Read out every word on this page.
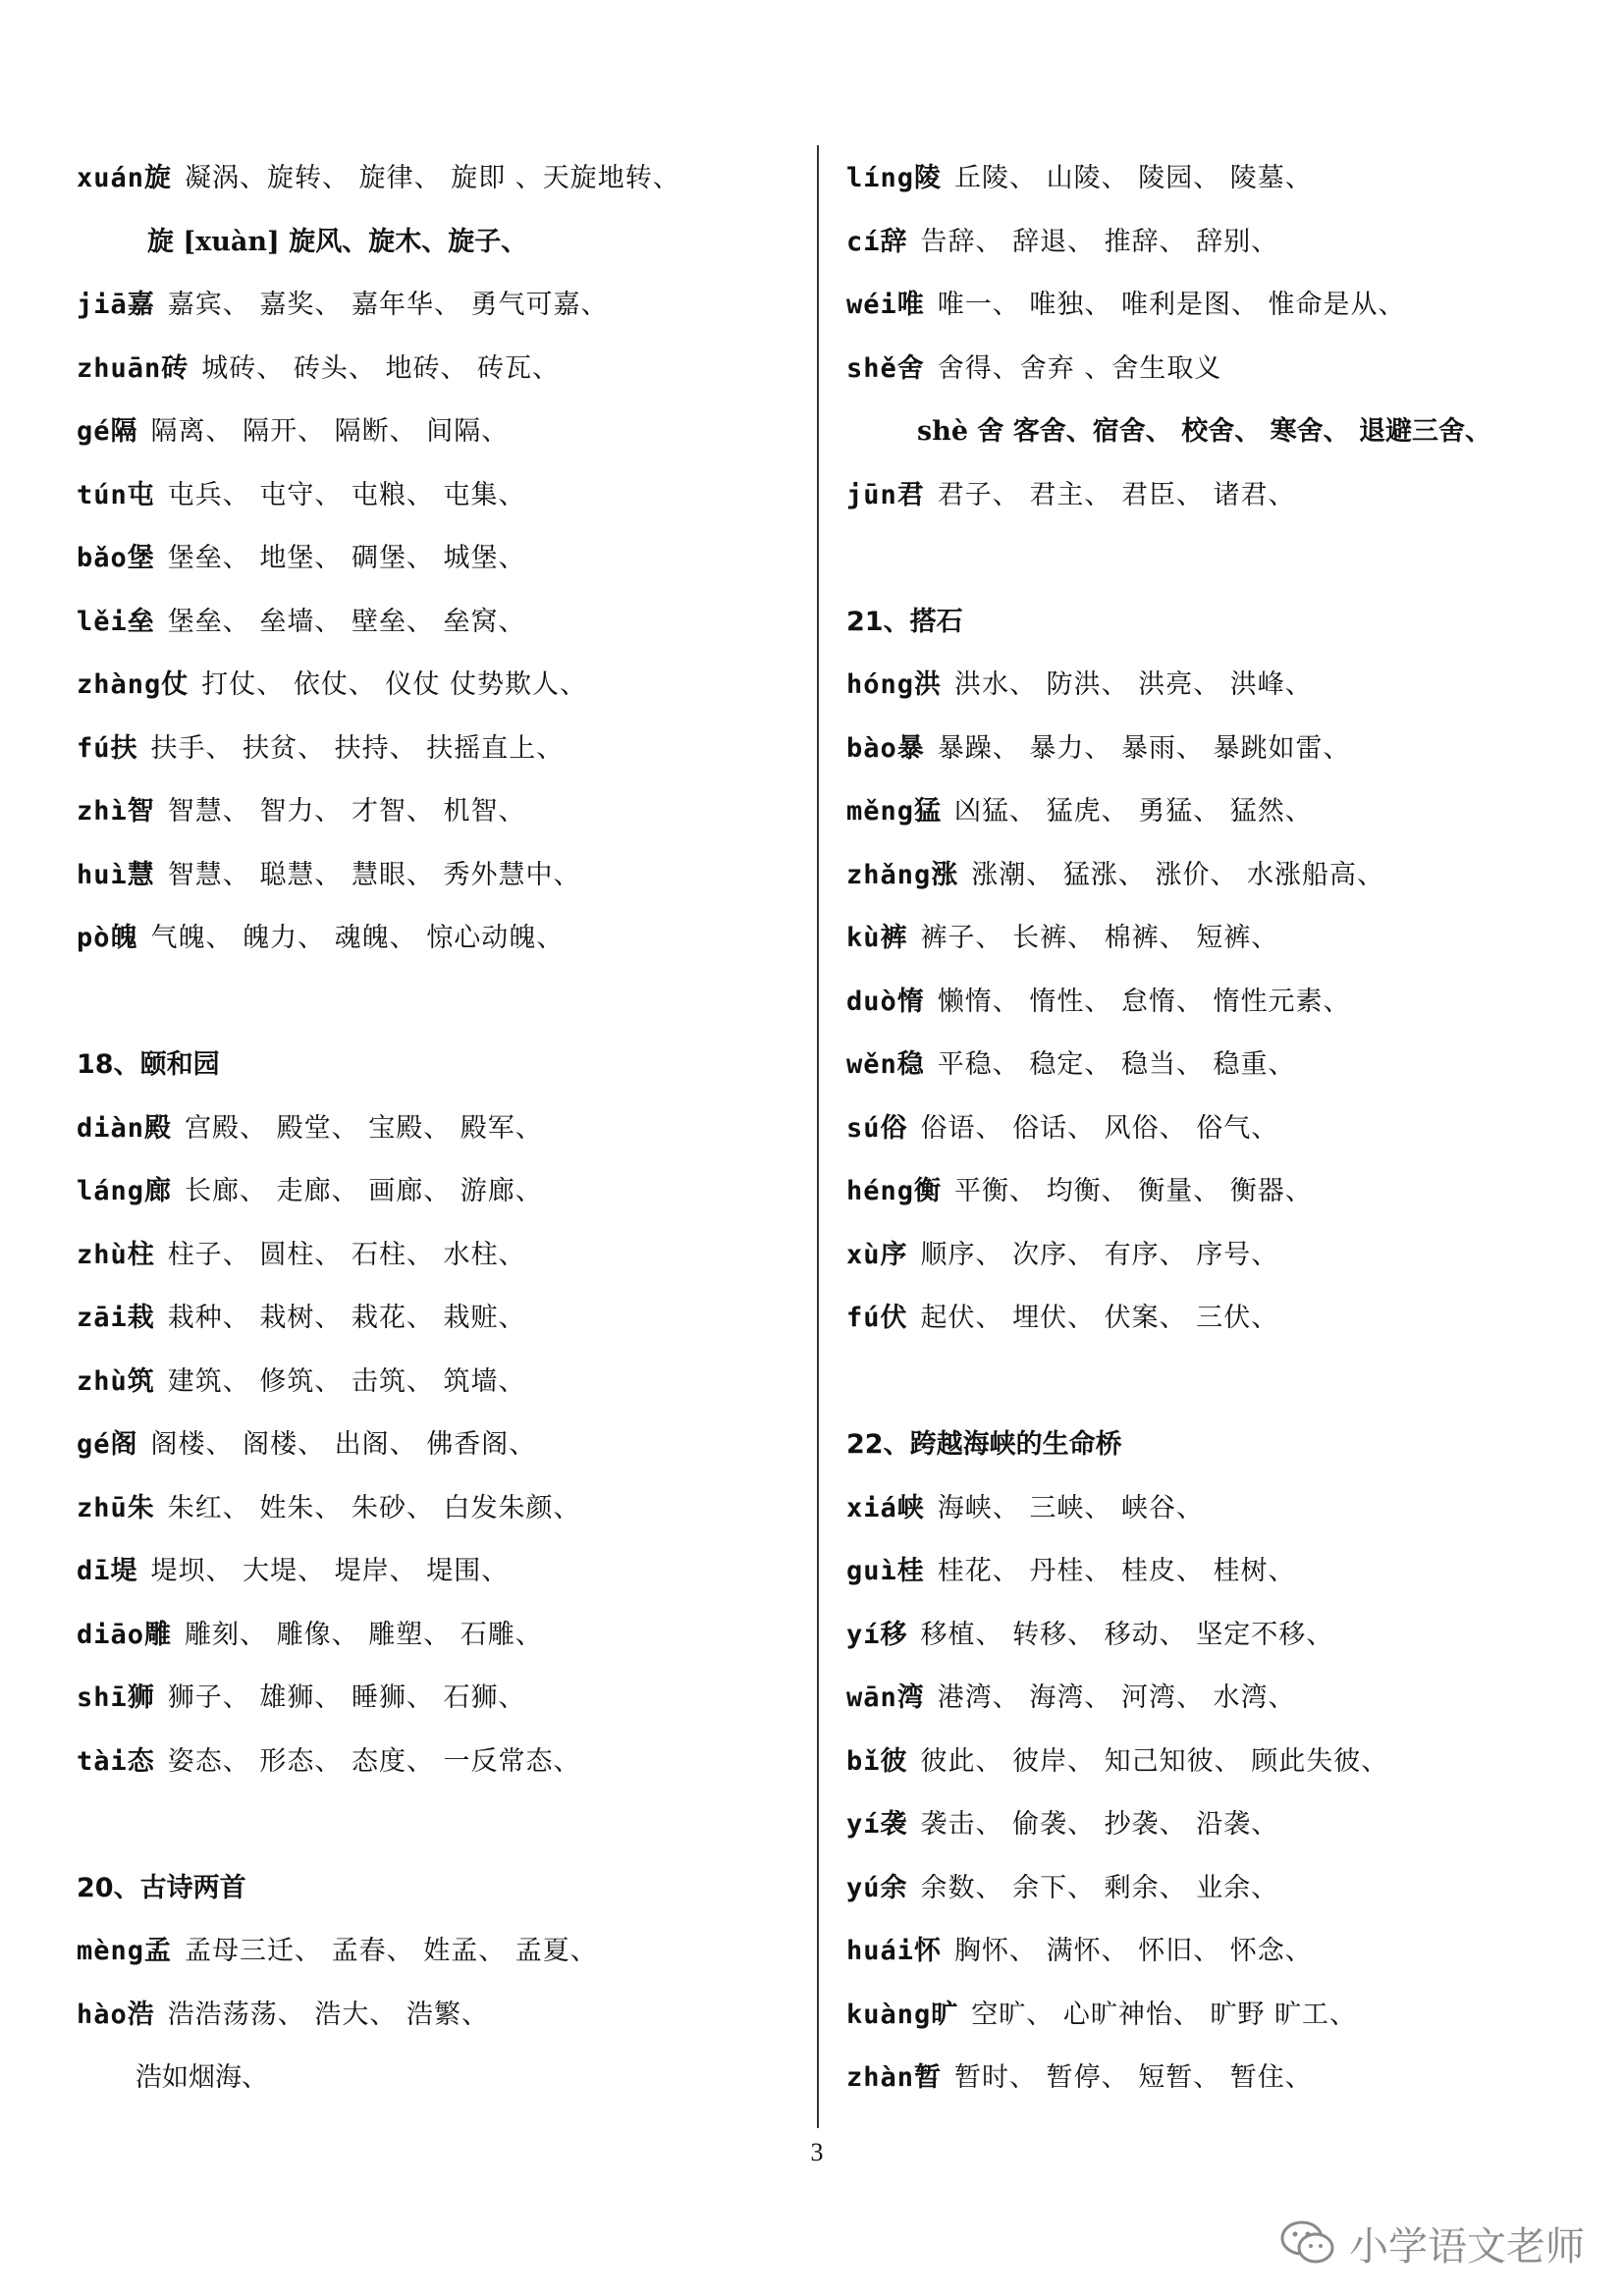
xuán旋 凝涡、旋转、 旋律、 旋即 、天旋地转、
旋 [xuàn] 旋风、旋木、旋子、
jiā嘉 嘉宾、 嘉奖、 嘉年华、 勇气可嘉、
zhuān砖 城砖、 砖头、 地砖、 砖瓦、
gé隔 隔离、 隔开、 隔断、 间隔、
tún屯 屯兵、 屯守、 屯粮、 屯集、
bǎo堡 堡垒、 地堡、 碉堡、 城堡、
lěi垒 堡垒、 垒墙、 壁垒、 垒窝、
zhàng仗 打仗、 依仗、 仪仗 仗势欺人、
fú扶 扶手、 扶贫、 扶持、 扶摇直上、
zhì智 智慧、 智力、 才智、 机智、
huì慧 智慧、 聪慧、 慧眼、 秀外慧中、
pò魄 气魄、 魄力、 魂魄、 惊心动魄、
18、颐和园
diàn殿 宫殿、 殿堂、 宝殿、 殿军、
láng廊 长廊、 走廊、 画廊、 游廊、
zhù柱 柱子、 圆柱、 石柱、 水柱、
zāi栽 栽种、 栽树、 栽花、 栽赃、
zhù筑 建筑、 修筑、 击筑、 筑墙、
gé阁 阁楼、 阁楼、 出阁、 佛香阁、
zhū朱 朱红、 姓朱、 朱砂、 白发朱颜、
dī堤 堤坝、 大堤、 堤岸、 堤围、
diāo雕 雕刻、 雕像、 雕塑、 石雕、
shī狮 狮子、 雄狮、 睡狮、 石狮、
tài态 姿态、 形态、 态度、 一反常态、
20、古诗两首
mèng孟 孟母三迁、 孟春、 姓孟、 孟夏、
hào浩 浩浩荡荡、 浩大、 浩繁、
浩如烟海、
líng陵 丘陵、 山陵、 陵园、 陵墓、
cí辞 告辞、 辞退、 推辞、 辞别、
wéi唯 唯一、 唯独、 唯利是图、 惟命是从、
shě舍 舍得、舍弃 、舍生取义
shè 舍 客舍、宿舍、 校舍、 寒舍、 退避三舍、
jūn君 君子、 君主、 君臣、 诸君、
21、搭石
hóng洪 洪水、 防洪、 洪亮、 洪峰、
bào暴 暴躁、 暴力、 暴雨、 暴跳如雷、
měng猛 凶猛、 猛虎、 勇猛、 猛然、
zhǎng涨 涨潮、 猛涨、 涨价、 水涨船高、
kù裤 裤子、 长裤、 棉裤、 短裤、
duò惰 懒惰、 惰性、 怠惰、 惰性元素、
wěn稳 平稳、 稳定、 稳当、 稳重、
sú俗 俗语、 俗话、 风俗、 俗气、
héng衡 平衡、 均衡、 衡量、 衡器、
xù序 顺序、 次序、 有序、 序号、
fú伏 起伏、 埋伏、 伏案、 三伏、
22、跨越海峡的生命桥
xiá峡 海峡、 三峡、 峡谷、
guì桂 桂花、 丹桂、 桂皮、 桂树、
yí移 移植、 转移、 移动、 坚定不移、
wān湾 港湾、 海湾、 河湾、 水湾、
bǐ彼 彼此、 彼岸、 知己知彼、 顾此失彼、
yí袭 袭击、 偷袭、 抄袭、 沿袭、
yú余 余数、 余下、 剩余、 业余、
huái怀 胸怀、 满怀、 怀旧、 怀念、
kuàng旷 空旷、 心旷神怡、 旷野 旷工、
zhàn暂 暂时、 暂停、 短暂、 暂住、
3
小学语文老师
